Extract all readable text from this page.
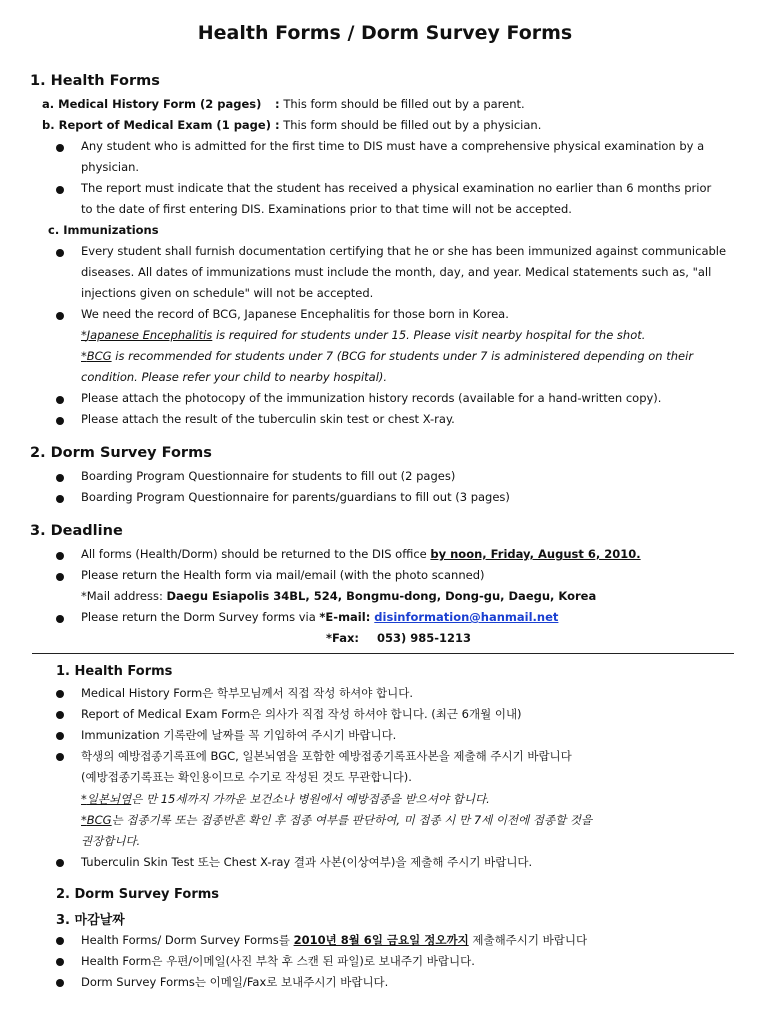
Health Forms / Dorm Survey Forms
1. Health Forms
a. Medical History Form (2 pages) : This form should be filled out by a parent.
b. Report of Medical Exam (1 page) : This form should be filled out by a physician.
Any student who is admitted for the first time to DIS must have a comprehensive physical examination by a
physician.
The report must indicate that the student has received a physical examination no earlier than 6 months prior
to the date of first entering DIS. Examinations prior to that time will not be accepted.
c. Immunizations
Every student shall furnish documentation certifying that he or she has been immunized against communicable
diseases. All dates of immunizations must include the month, day, and year. Medical statements such as, "all
injections given on schedule" will not be accepted.
We need the record of BCG, Japanese Encephalitis for those born in Korea.
*Japanese Encephalitis is required for students under 15. Please visit nearby hospital for the shot.
*BCG is recommended for students under 7 (BCG for students under 7 is administered depending on their
condition. Please refer your child to nearby hospital).
Please attach the photocopy of the immunization history records (available for a hand-written copy).
Please attach the result of the tuberculin skin test or chest X-ray.
2. Dorm Survey Forms
Boarding Program Questionnaire for students to fill out (2 pages)
Boarding Program Questionnaire for parents/guardians to fill out (3 pages)
3. Deadline
All forms (Health/Dorm) should be returned to the DIS office by noon, Friday, August 6, 2010.
Please return the Health form via mail/email (with the photo scanned)
*Mail address: Daegu Esiapolis 34BL, 524, Bongmu-dong, Dong-gu, Daegu, Korea
Please return the Dorm Survey forms via *E-mail: disinformation@hanmail.net
*Fax: 053) 985-1213
1. Health Forms
Medical History Form은 학부모님께서 직접 작성 하셔야 합니다.
Report of Medical Exam Form은 의사가 직접 작성 하셔야 합니다. (최근 6개월 이내)
Immunization 기록란에 날짜를 꼭 기입하여 주시기 바랍니다.
학생의 예방접종기록표에 BGC, 일본뇌염을 포함한 예방접종기록표사본을 제출해 주시기 바랍니다
(예방접종기록표는 확인용이므로 수기로 작성된 것도 무관합니다).
*일본뇌염은 만 15세까지 가까운 보건소나 병원에서 예방접종을 받으셔야 합니다.
*BCG는 접종기록 또는 접종반흔 확인 후 접종 여부를 판단하여, 미 접종 시 만 7세 이전에 접종할 것을
권장합니다.
Tuberculin Skin Test 또는 Chest X-ray 결과 사본(이상여부)을 제출해 주시기 바랍니다.
2. Dorm Survey Forms
3. 마감날짜
Health Forms/ Dorm Survey Forms를 2010년 8월 6일 금요일 정오까지 제출해주시기 바랍니다
Health Form은 우편/이메일(사진 부착 후 스캔 된 파일)로 보내주기 바랍니다.
Dorm Survey Forms는 이메일/Fax로 보내주시기 바랍니다.
